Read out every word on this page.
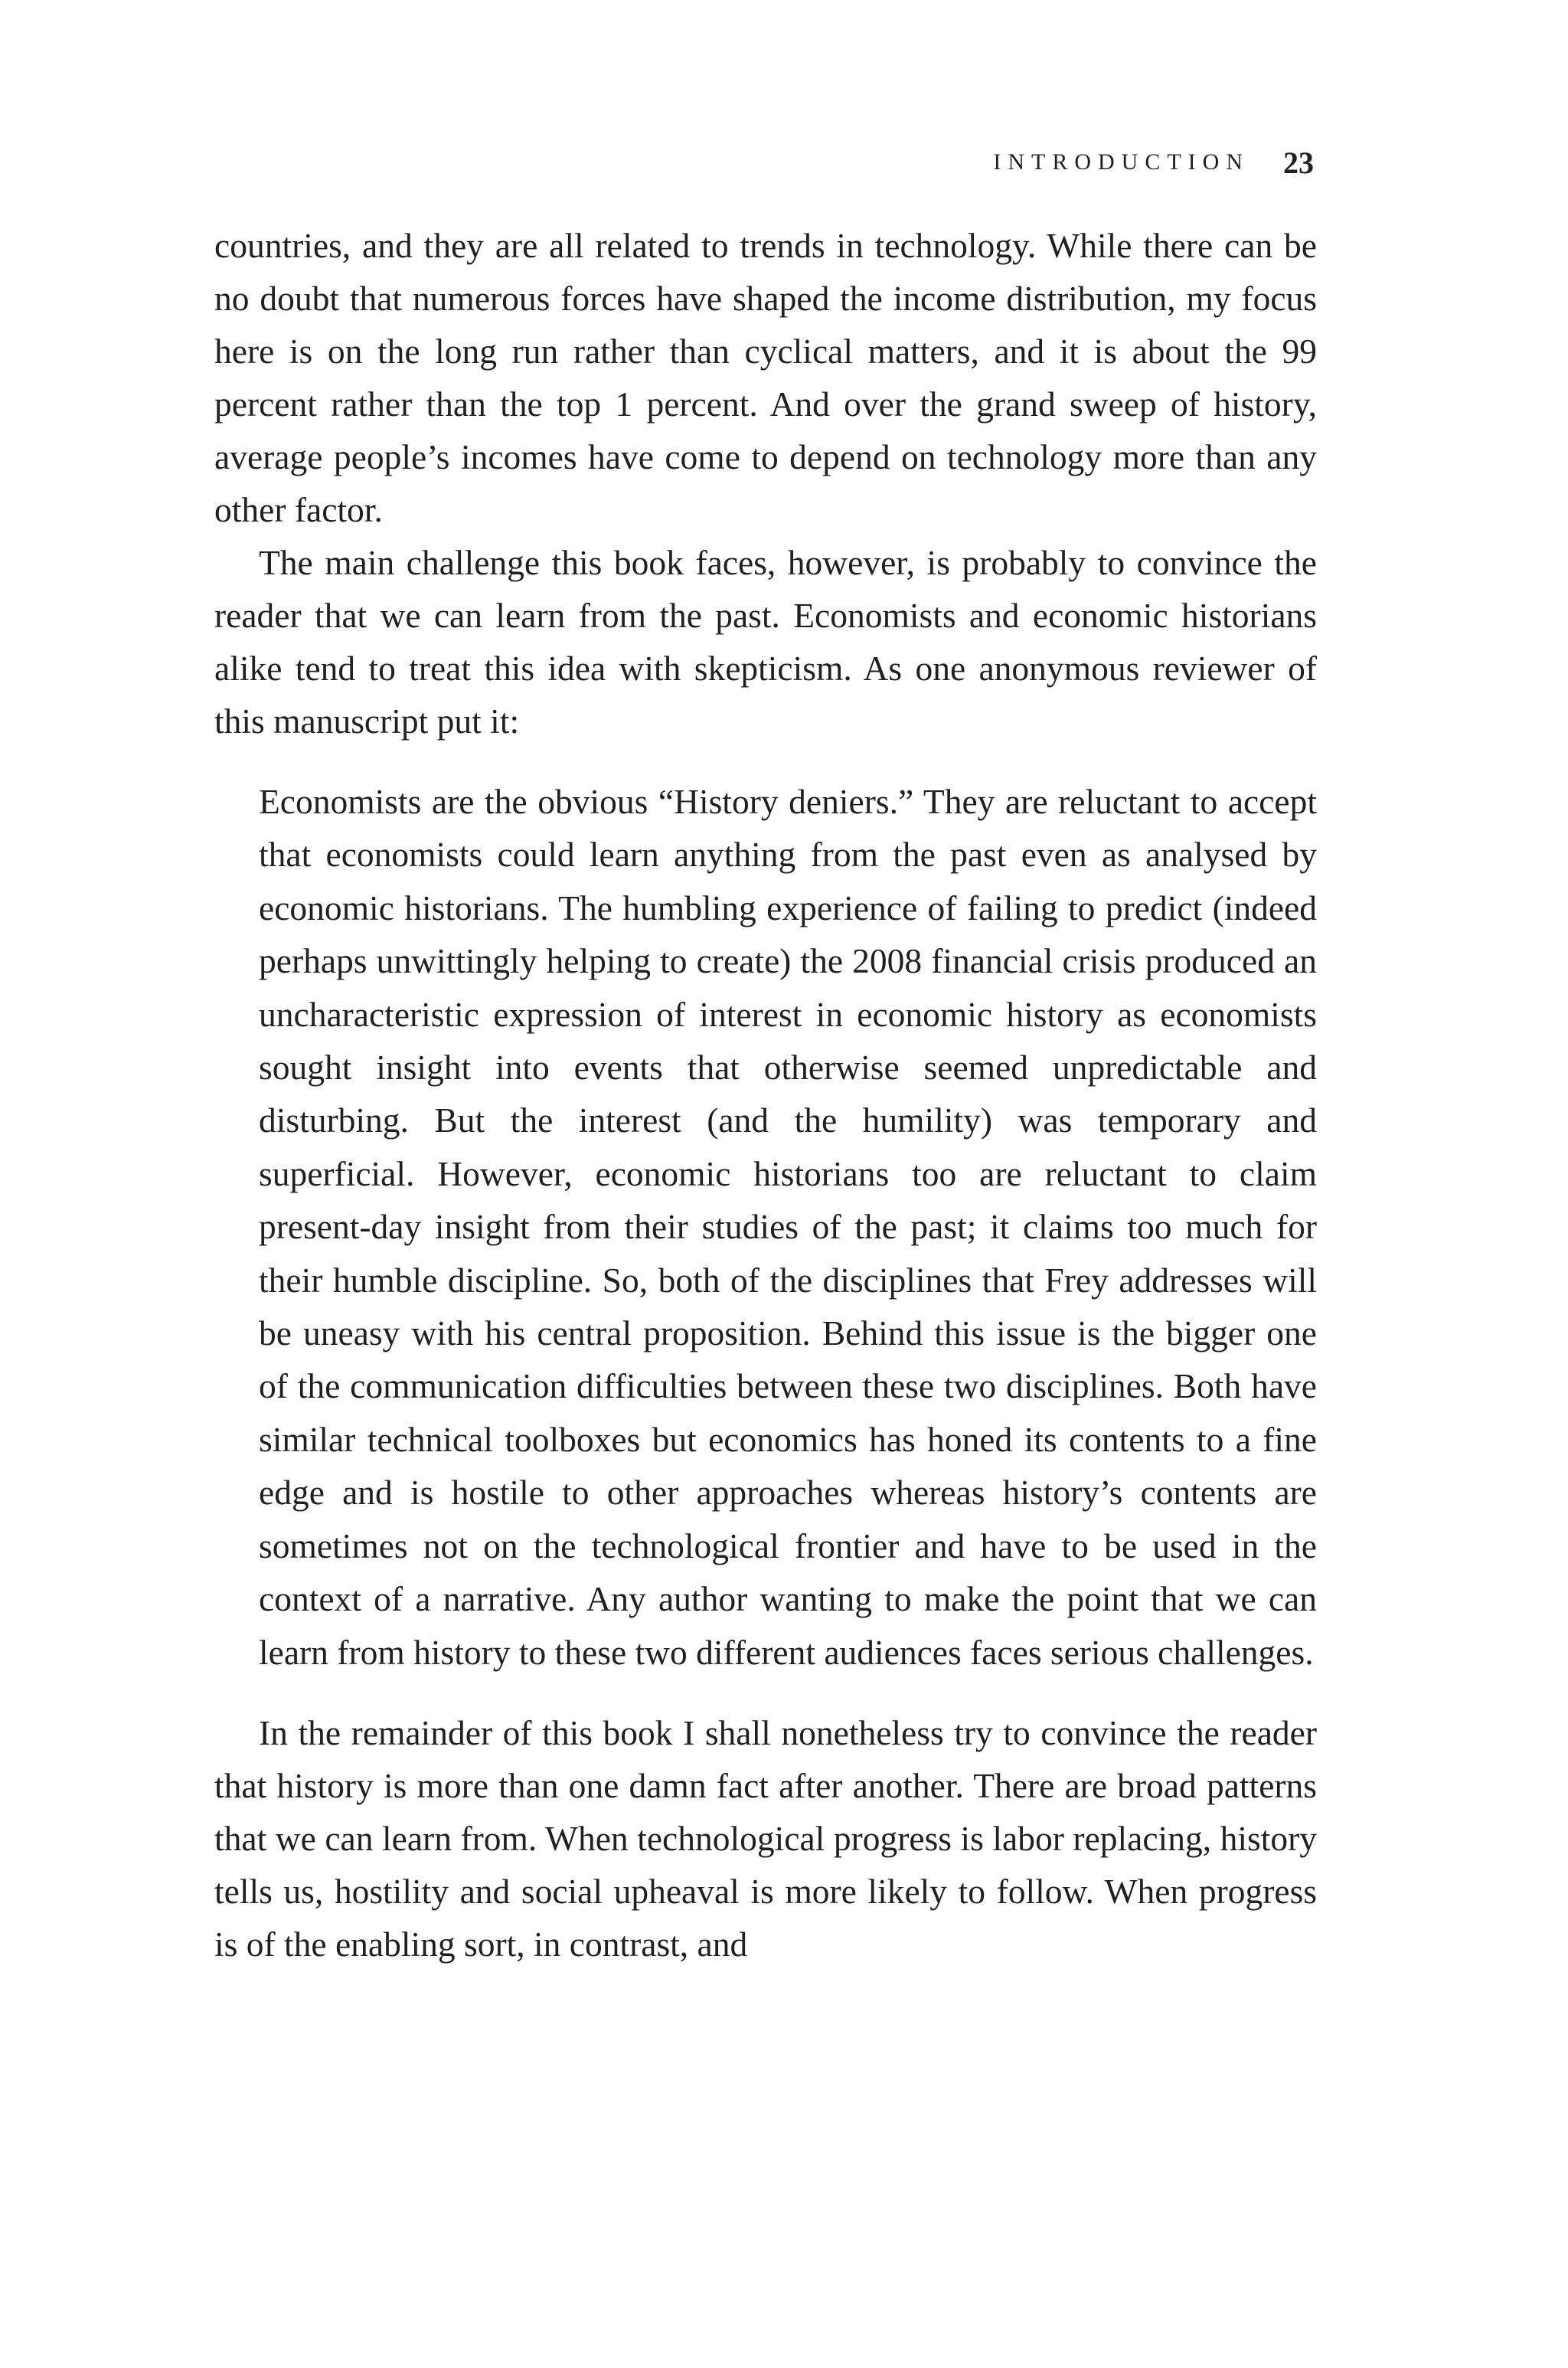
INTRODUCTION 23

countries, and they are all related to trends in technology. While there can be no doubt that numerous forces have shaped the income distribution, my focus here is on the long run rather than cyclical matters, and it is about the 99 percent rather than the top 1 percent. And over the grand sweep of history, average people’s incomes have come to depend on technology more than any other factor.

The main challenge this book faces, however, is probably to convince the reader that we can learn from the past. Economists and economic historians alike tend to treat this idea with skepticism. As one anonymous reviewer of this manuscript put it:

Economists are the obvious “History deniers.” They are reluctant to accept that economists could learn anything from the past even as analysed by economic historians. The humbling experience of failing to predict (indeed perhaps unwittingly helping to create) the 2008 financial crisis produced an uncharacteristic expression of interest in economic history as economists sought insight into events that otherwise seemed unpredictable and disturbing. But the interest (and the humility) was temporary and superficial. However, economic historians too are reluctant to claim present-day insight from their studies of the past; it claims too much for their humble discipline. So, both of the disciplines that Frey addresses will be uneasy with his central proposition. Behind this issue is the bigger one of the communication difficulties between these two disciplines. Both have similar technical toolboxes but economics has honed its contents to a fine edge and is hostile to other approaches whereas history’s contents are sometimes not on the technological frontier and have to be used in the context of a narrative. Any author wanting to make the point that we can learn from history to these two different audiences faces serious challenges.

In the remainder of this book I shall nonetheless try to convince the reader that history is more than one damn fact after another. There are broad patterns that we can learn from. When technological progress is labor replacing, history tells us, hostility and social upheaval is more likely to follow. When progress is of the enabling sort, in contrast, and
